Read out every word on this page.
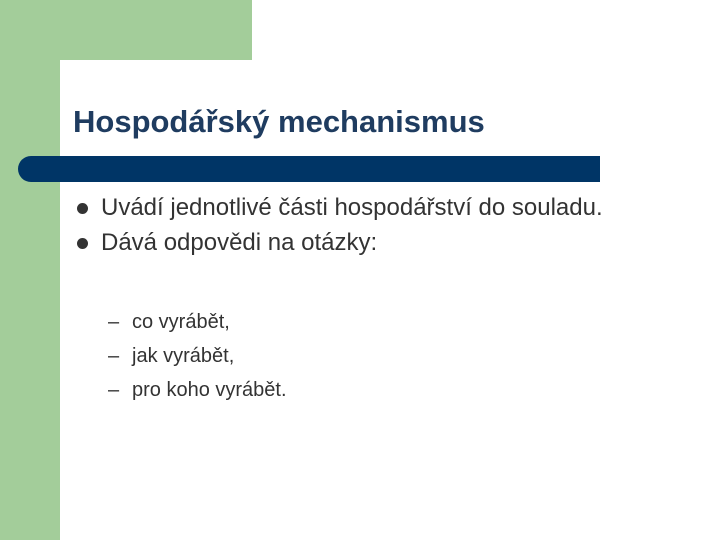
Hospodářský mechanismus
Uvádí jednotlivé části hospodářství do souladu.
Dává odpovědi na otázky:
– co vyrábět,
– jak vyrábět,
– pro koho vyrábět.
